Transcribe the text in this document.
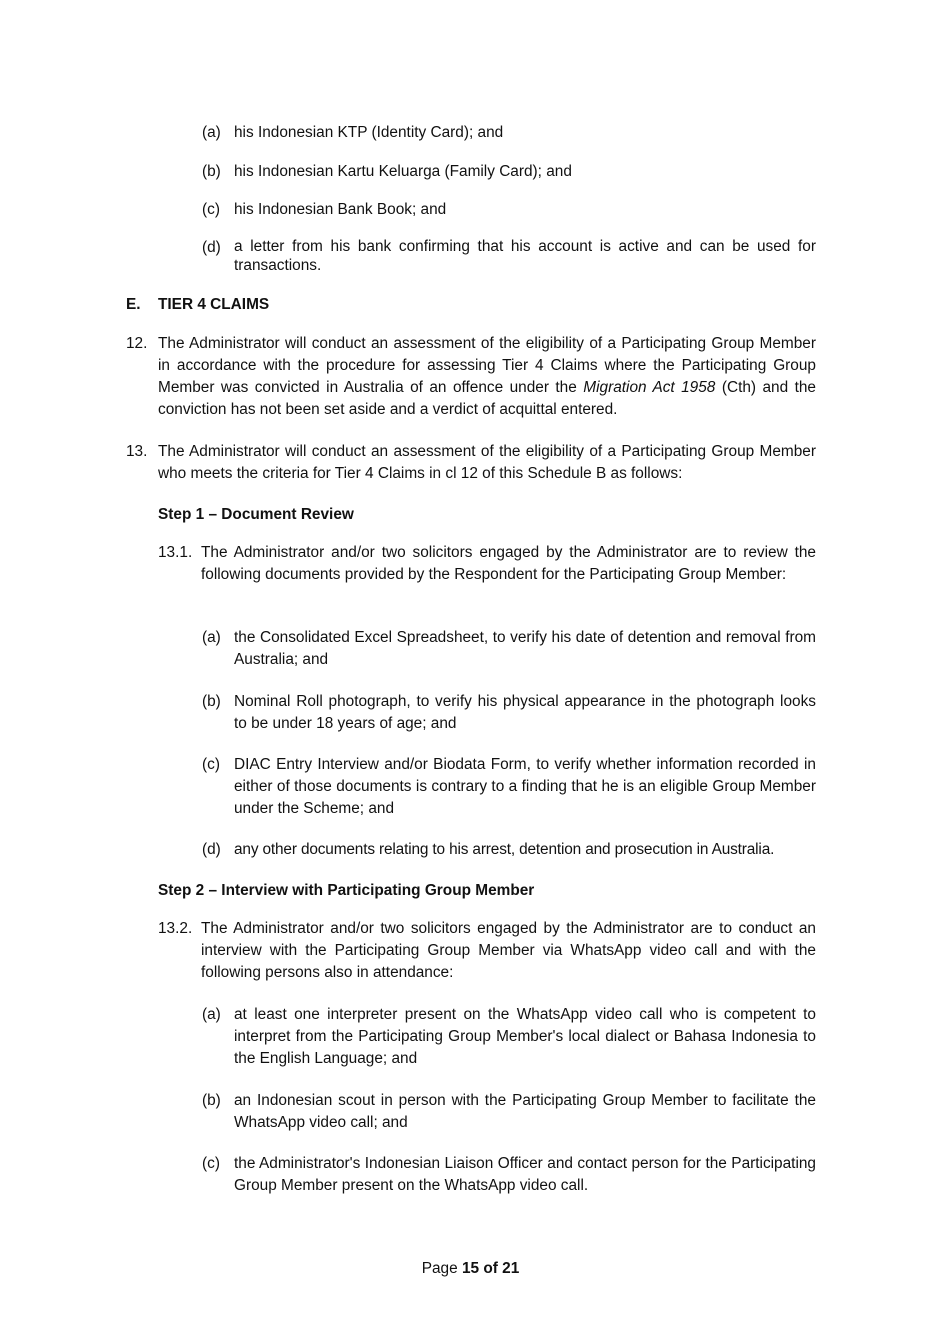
(a) his Indonesian KTP (Identity Card); and
(b) his Indonesian Kartu Keluarga (Family Card); and
(c) his Indonesian Bank Book; and
(d) a letter from his bank confirming that his account is active and can be used for transactions.
E. TIER 4 CLAIMS
12. The Administrator will conduct an assessment of the eligibility of a Participating Group Member in accordance with the procedure for assessing Tier 4 Claims where the Participating Group Member was convicted in Australia of an offence under the Migration Act 1958 (Cth) and the conviction has not been set aside and a verdict of acquittal entered.
13. The Administrator will conduct an assessment of the eligibility of a Participating Group Member who meets the criteria for Tier 4 Claims in cl 12 of this Schedule B as follows:
Step 1 – Document Review
13.1. The Administrator and/or two solicitors engaged by the Administrator are to review the following documents provided by the Respondent for the Participating Group Member:
(a) the Consolidated Excel Spreadsheet, to verify his date of detention and removal from Australia; and
(b) Nominal Roll photograph, to verify his physical appearance in the photograph looks to be under 18 years of age; and
(c) DIAC Entry Interview and/or Biodata Form, to verify whether information recorded in either of those documents is contrary to a finding that he is an eligible Group Member under the Scheme; and
(d) any other documents relating to his arrest, detention and prosecution in Australia.
Step 2 – Interview with Participating Group Member
13.2. The Administrator and/or two solicitors engaged by the Administrator are to conduct an interview with the Participating Group Member via WhatsApp video call and with the following persons also in attendance:
(a) at least one interpreter present on the WhatsApp video call who is competent to interpret from the Participating Group Member's local dialect or Bahasa Indonesia to the English Language; and
(b) an Indonesian scout in person with the Participating Group Member to facilitate the WhatsApp video call; and
(c) the Administrator's Indonesian Liaison Officer and contact person for the Participating Group Member present on the WhatsApp video call.
Page 15 of 21
